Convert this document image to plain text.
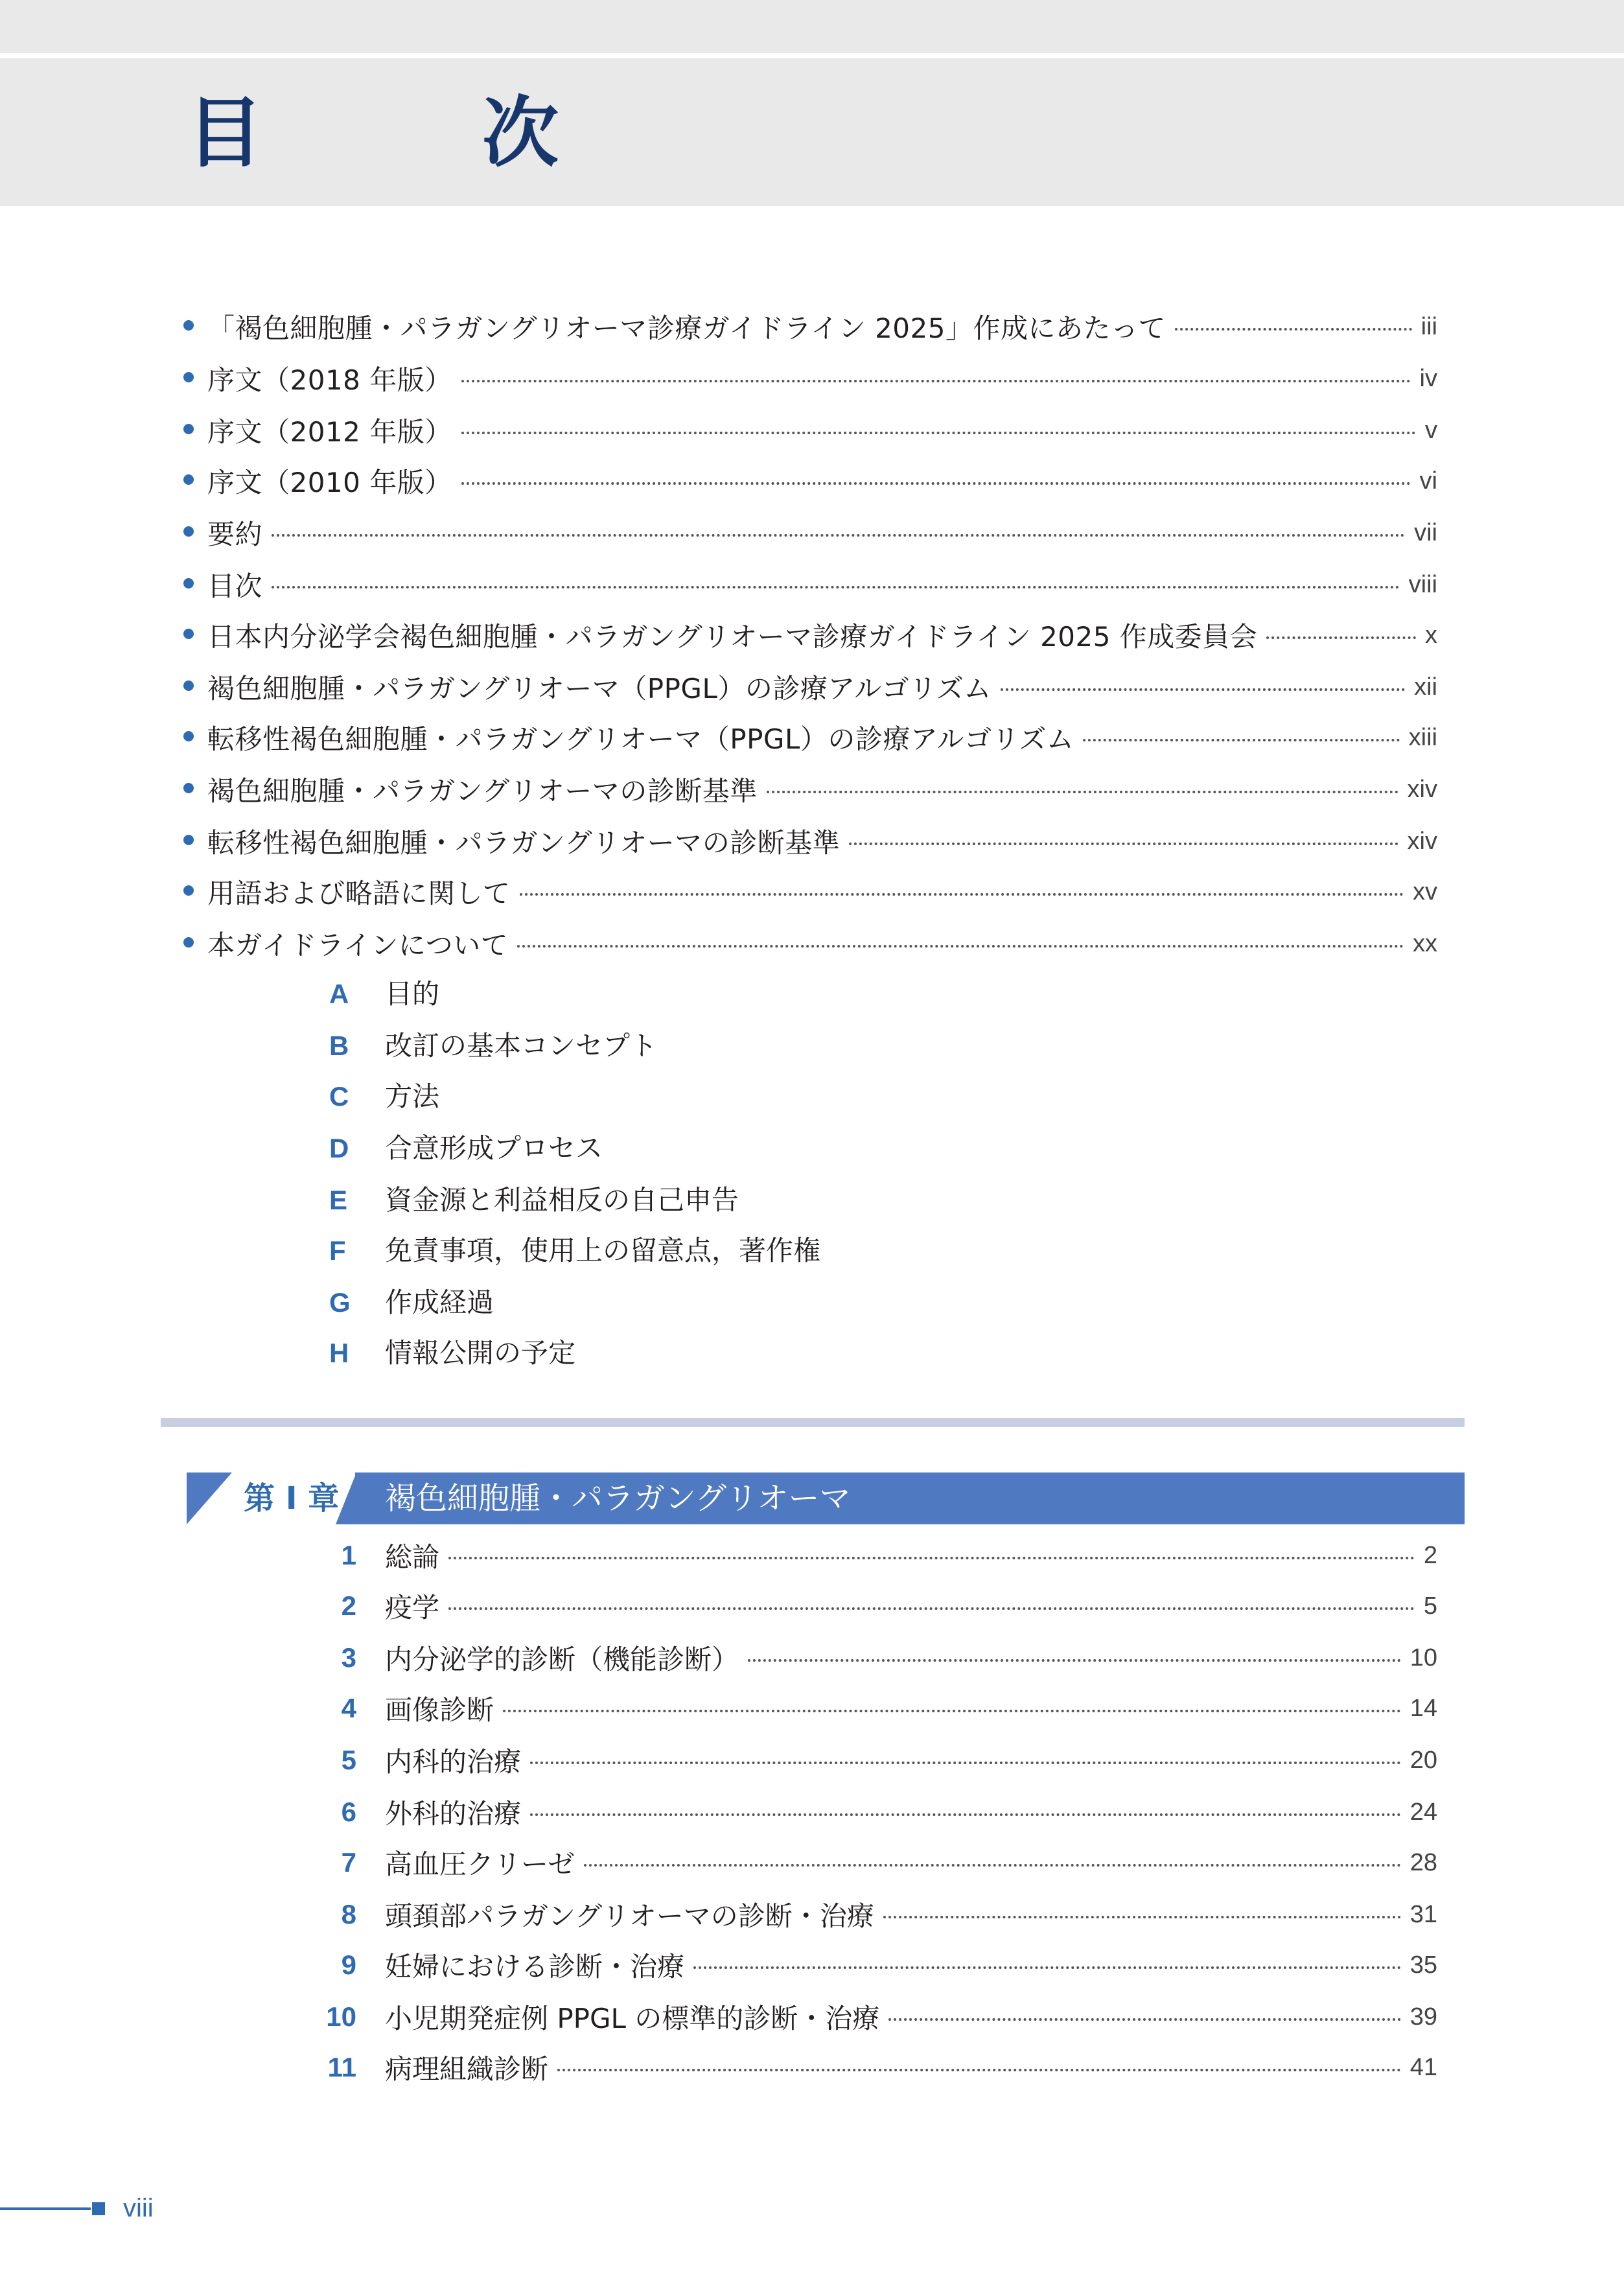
目　次
「褐色細胞腫・パラガングリオーマ診療ガイドライン 2025」作成にあたって	iii
序文（2018 年版）	iv
序文（2012 年版）	v
序文（2010 年版）	vi
要約	vii
目次	viii
日本内分泌学会褐色細胞腫・パラガングリオーマ診療ガイドライン 2025 作成委員会	x
褐色細胞腫・パラガングリオーマ（PPGL）の診療アルゴリズム	xii
転移性褐色細胞腫・パラガングリオーマ（PPGL）の診療アルゴリズム	xiii
褐色細胞腫・パラガングリオーマの診断基準	xiv
転移性褐色細胞腫・パラガングリオーマの診断基準	xiv
用語および略語に関して	xv
本ガイドラインについて	xx
A	目的
B	改訂の基本コンセプト
C	方法
D	合意形成プロセス
E	資金源と利益相反の自己申告
F	免責事項，使用上の留意点，著作権
G	作成経過
H	情報公開の予定
第 I 章 褐色細胞腫・パラガングリオーマ
1 総論	2
2 疫学	5
3 内分泌学的診断（機能診断）	10
4 画像診断	14
5 内科的治療	20
6 外科的治療	24
7 高血圧クリーゼ	28
8 頭頚部パラガングリオーマの診断・治療	31
9 妊婦における診断・治療	35
10 小児期発症例 PPGL の標準的診断・治療	39
11 病理組織診断	41
viii
